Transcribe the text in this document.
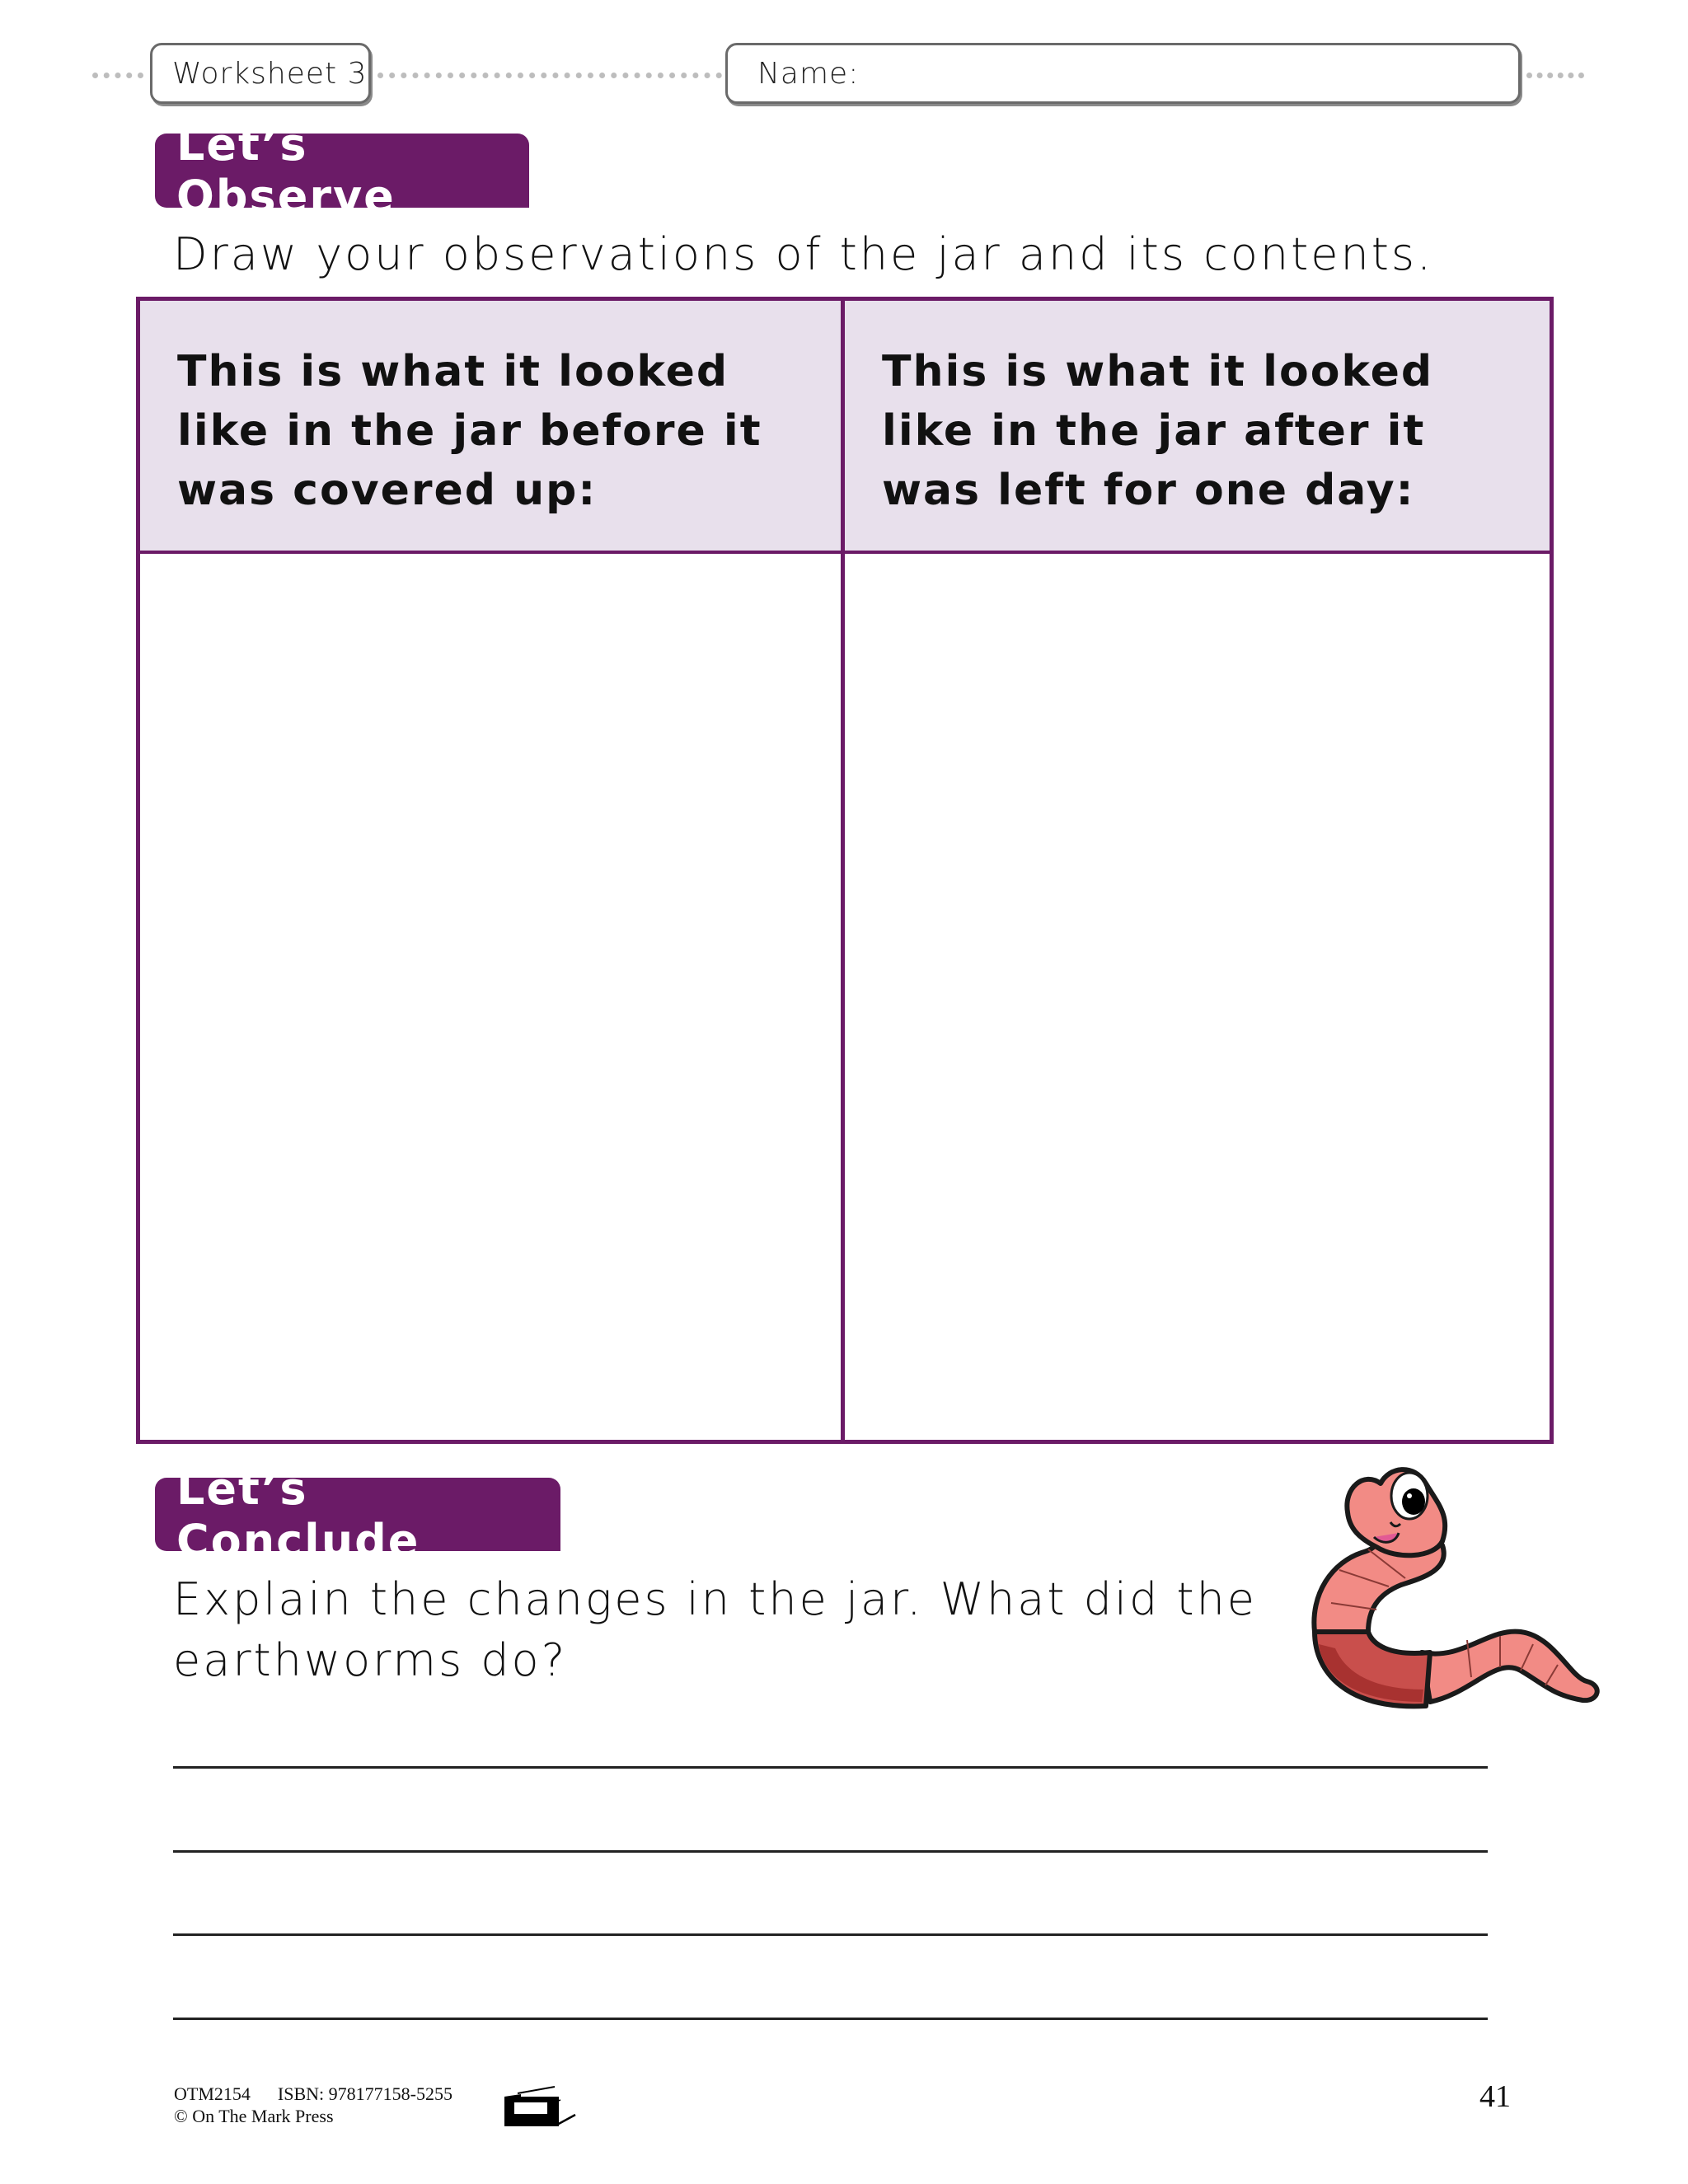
Worksheet 3	Name:
Let’s Observe
Draw your observations of the jar and its contents.
This is what it looked like in the jar before it was covered up:
This is what it looked like in the jar after it was left for one day:
Let’s Conclude
Explain the changes in the jar. What did the earthworms do?
OTM2154 ISBN: 978177158-5255
© On The Mark Press
41
